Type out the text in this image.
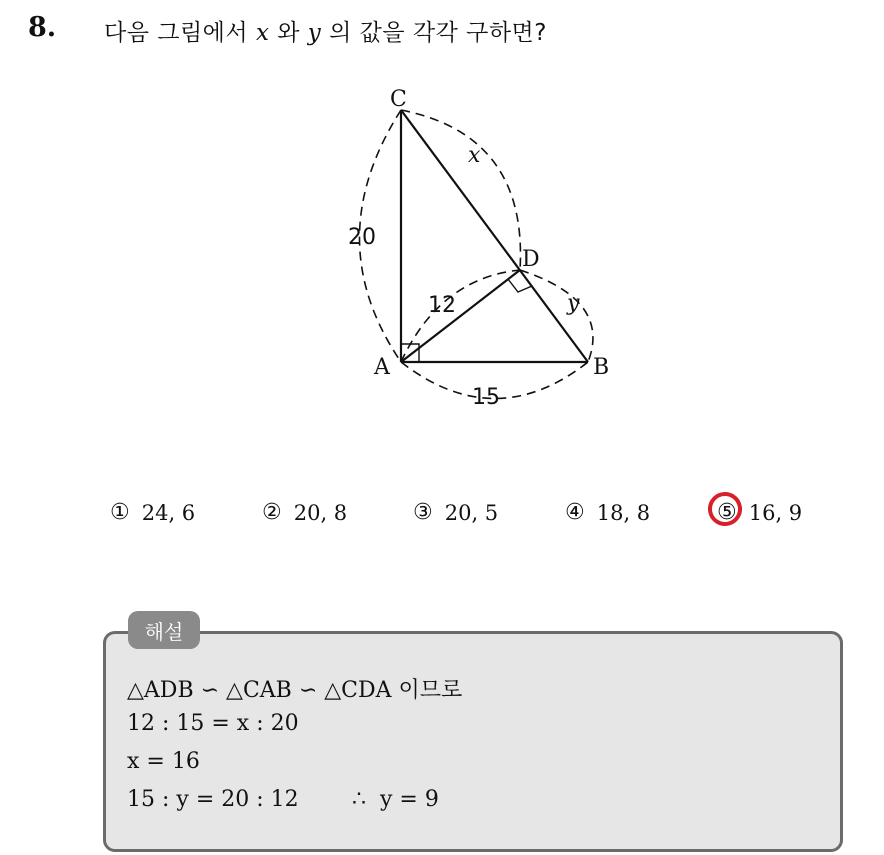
8. 다음 그림에서 x 와 y 의 값을 각각 구하면?
C
D
A	B
x
y
20
12
15
① 24, 6	② 20, 8	③ 20, 5	④ 18, 8	⑤ 16, 9
해설
△ADB ∽ △CAB ∽ △CDA 이므로
12 : 15 = x : 20
x = 16
15 : y = 20 : 12 ∴  y = 9
